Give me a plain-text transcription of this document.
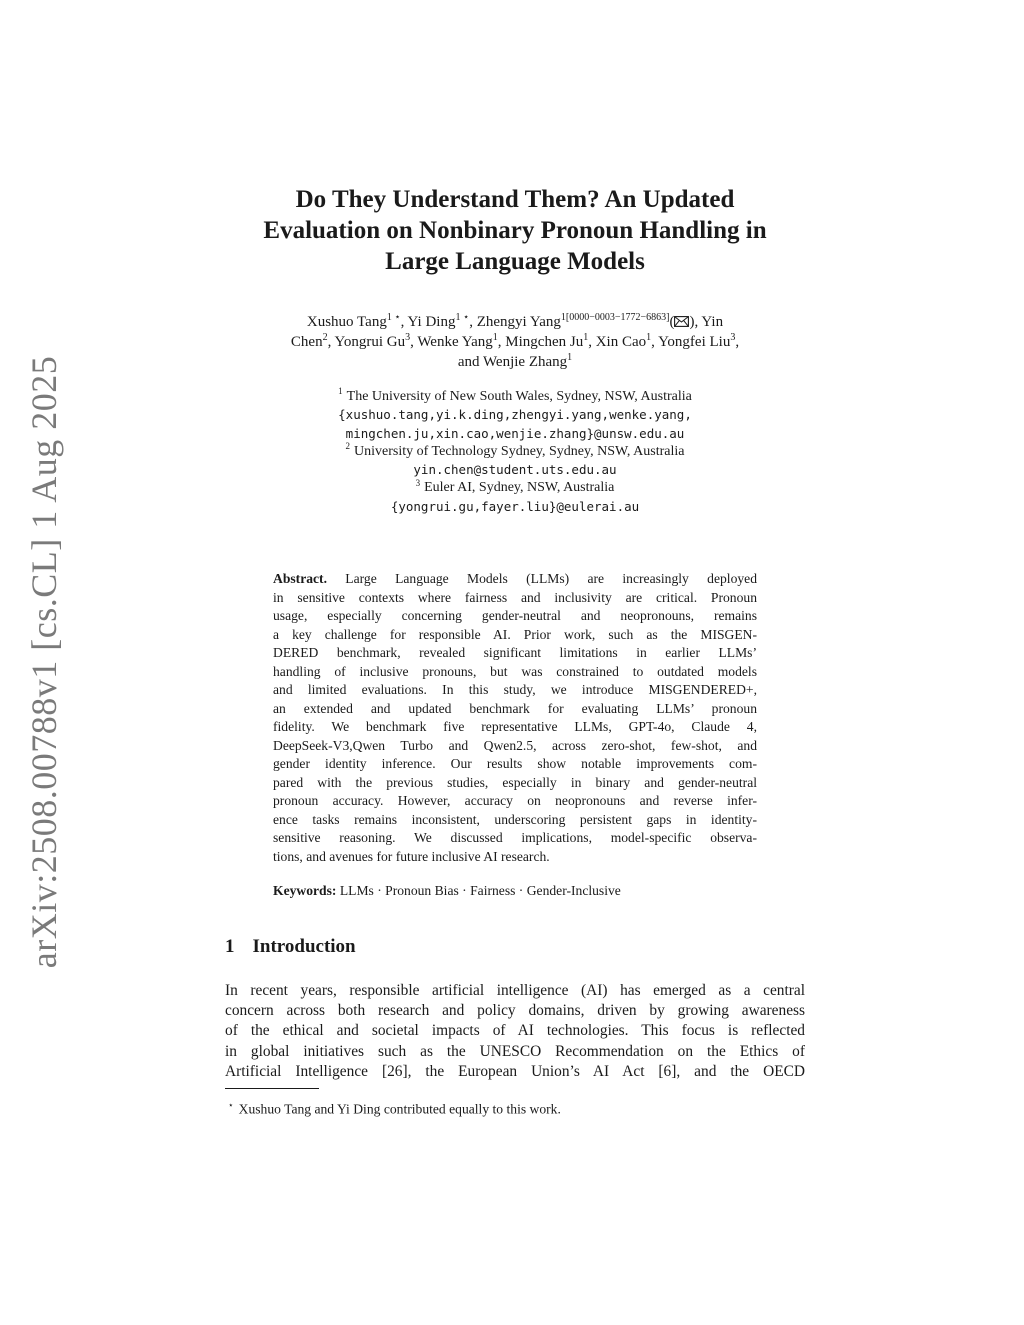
arXiv:2508.00788v1 [cs.CL] 1 Aug 2025
Do They Understand Them? An Updated
Evaluation on Nonbinary Pronoun Handling in
Large Language Models
Xushuo Tang$^{1 ⋆}$, Yi Ding$^{1 ⋆}$, Zhengyi Yang$^{1[0000-0003-1772-6863]}$( ), Yin
Chen$^2$, Yongrui Gu$^3$, Wenke Yang$^1$, Mingchen Ju$^1$, Xin Cao$^1$, Yongfei Liu$^3$,
and Wenjie Zhang$^1$
$^1$ The University of New South Wales, Sydney, NSW, Australia
{xushuo.tang,yi.k.ding,zhengyi.yang,wenke.yang,
mingchen.ju,xin.cao,wenjie.zhang}@unsw.edu.au
$^2$ University of Technology Sydney, Sydney, NSW, Australia
yin.chen@student.uts.edu.au
$^3$ Euler AI, Sydney, NSW, Australia
{yongrui.gu,fayer.liu}@eulerai.au
Abstract. Large Language Models (LLMs) are increasingly deployed
in sensitive contexts where fairness and inclusivity are critical. Pronoun
usage, especially concerning gender-neutral and neopronouns, remains
a key challenge for responsible AI. Prior work, such as the MISGEN-
DERED benchmark, revealed significant limitations in earlier LLMs’
handling of inclusive pronouns, but was constrained to outdated models
and limited evaluations. In this study, we introduce MISGENDERED+,
an extended and updated benchmark for evaluating LLMs’ pronoun
fidelity. We benchmark five representative LLMs, GPT-4o, Claude 4,
DeepSeek-V3,Qwen Turbo and Qwen2.5, across zero-shot, few-shot, and
gender identity inference. Our results show notable improvements com-
pared with the previous studies, especially in binary and gender-neutral
pronoun accuracy. However, accuracy on neopronouns and reverse infer-
ence tasks remains inconsistent, underscoring persistent gaps in identity-
sensitive reasoning. We discussed implications, model-specific observa-
tions, and avenues for future inclusive AI research.
Keywords: LLMs · Pronoun Bias · Fairness · Gender-Inclusive
1 Introduction
In recent years, responsible artificial intelligence (AI) has emerged as a central
concern across both research and policy domains, driven by growing awareness
of the ethical and societal impacts of AI technologies. This focus is reflected
in global initiatives such as the UNESCO Recommendation on the Ethics of
Artificial Intelligence [26], the European Union’s AI Act [6], and the OECD
⋆ Xushuo Tang and Yi Ding contributed equally to this work.
